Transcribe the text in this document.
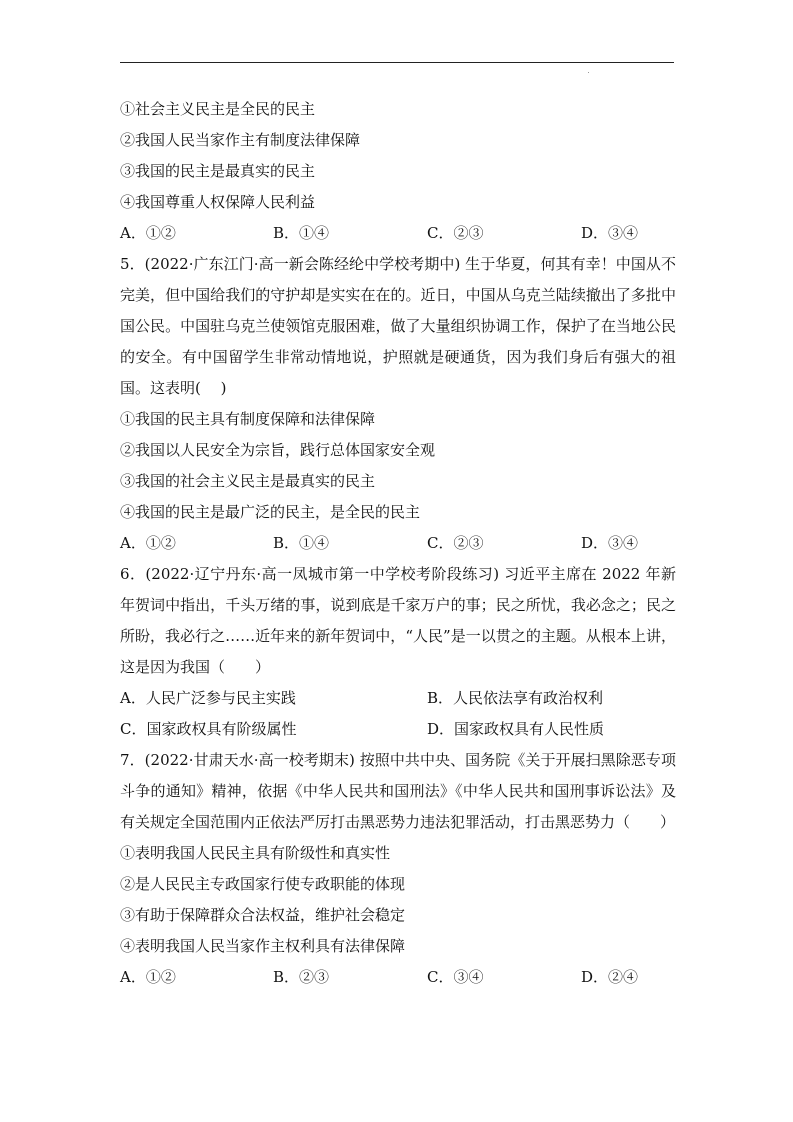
①社会主义民主是全民的民主
②我国人民当家作主有制度法律保障
③我国的民主是最真实的民主
④我国尊重人权保障人民利益
A．①②	B．①④	C．②③	D．③④
5．(2022·广东江门·高一新会陈经纶中学校考期中) 生于华夏，何其有幸！中国从不完美，但中国给我们的守护却是实实在在的。近日，中国从乌克兰陆续撤出了多批中国公民。中国驻乌克兰使领馆克服困难，做了大量组织协调工作，保护了在当地公民的安全。有中国留学生非常动情地说，护照就是硬通货，因为我们身后有强大的祖国。这表明(　 )
①我国的民主具有制度保障和法律保障
②我国以人民安全为宗旨，践行总体国家安全观
③我国的社会主义民主是最真实的民主
④我国的民主是最广泛的民主，是全民的民主
A．①②	B．①④	C．②③	D．③④
6．(2022·辽宁丹东·高一凤城市第一中学校考阶段练习) 习近平主席在 2022 年新年贺词中指出，千头万绪的事，说到底是千家万户的事；民之所忧，我必念之；民之所盼，我必行之……近年来的新年贺词中，“人民”是一以贯之的主题。从根本上讲，这是因为我国（　　）
A．人民广泛参与民主实践	B．人民依法享有政治权利
C．国家政权具有阶级属性	D．国家政权具有人民性质
7．(2022·甘肃天水·高一校考期末) 按照中共中央、国务院《关于开展扫黑除恶专项斗争的通知》精神，依据《中华人民共和国刑法》《中华人民共和国刑事诉讼法》及有关规定全国范围内正依法严厉打击黑恶势力违法犯罪活动，打击黑恶势力（　　）
①表明我国人民民主具有阶级性和真实性
②是人民民主专政国家行使专政职能的体现
③有助于保障群众合法权益，维护社会稳定
④表明我国人民当家作主权利具有法律保障
A．①②	B．②③	C．③④	D．②④
